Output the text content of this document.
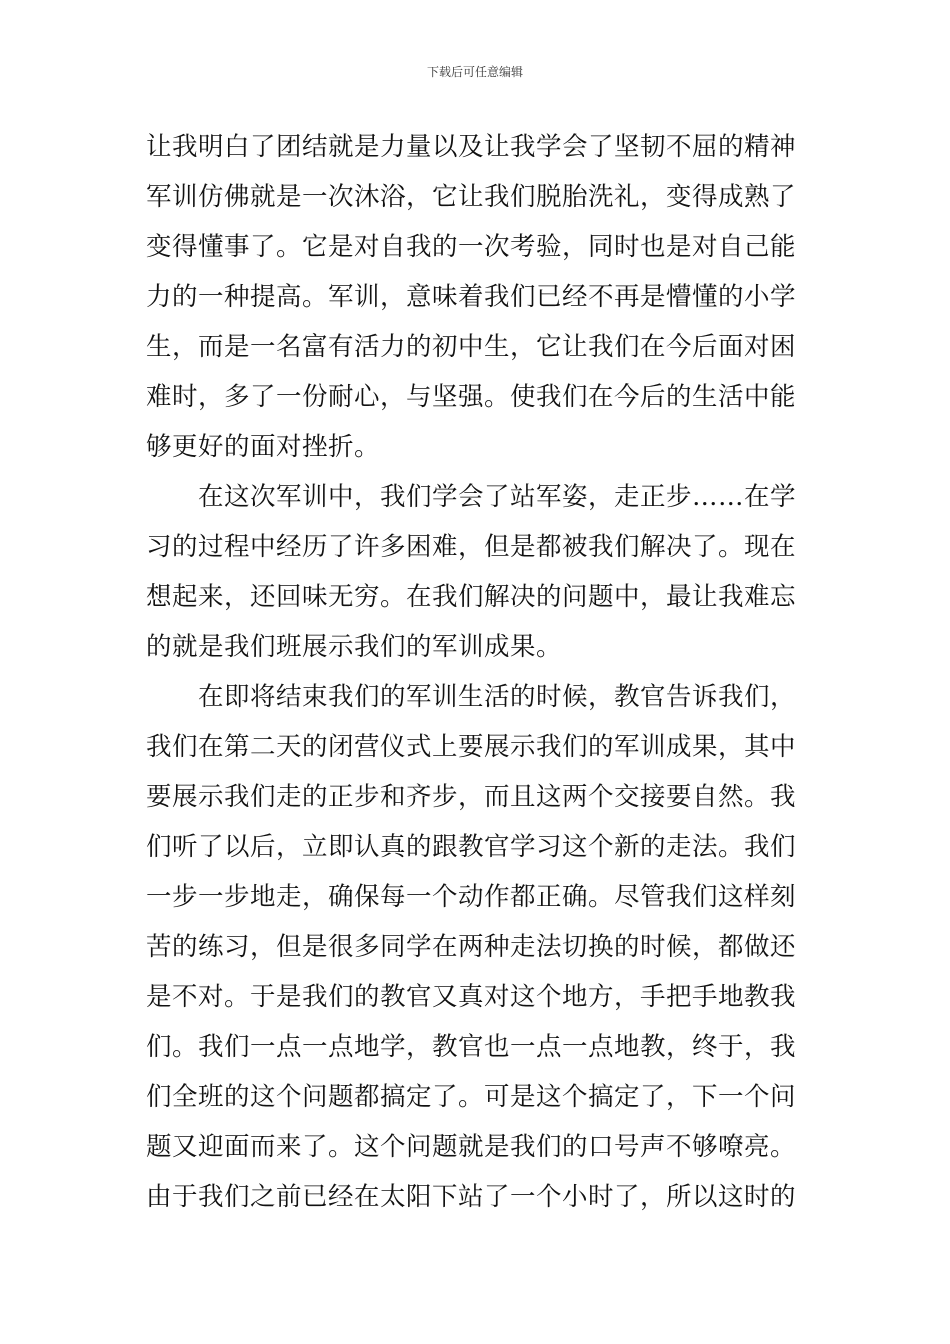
下载后可任意编辑
让我明白了团结就是力量以及让我学会了坚韧不屈的精神
军训仿佛就是一次沐浴，它让我们脱胎洗礼，变得成熟了
变得懂事了。它是对自我的一次考验，同时也是对自己能
力的一种提高。军训，意味着我们已经不再是懵懂的小学
生，而是一名富有活力的初中生，它让我们在今后面对困
难时，多了一份耐心，与坚强。使我们在今后的生活中能
够更好的面对挫折。
　　在这次军训中，我们学会了站军姿，走正步……在学
习的过程中经历了许多困难，但是都被我们解决了。现在
想起来，还回味无穷。在我们解决的问题中，最让我难忘
的就是我们班展示我们的军训成果。
　　在即将结束我们的军训生活的时候，教官告诉我们，
我们在第二天的闭营仪式上要展示我们的军训成果，其中
要展示我们走的正步和齐步，而且这两个交接要自然。我
们听了以后，立即认真的跟教官学习这个新的走法。我们
一步一步地走，确保每一个动作都正确。尽管我们这样刻
苦的练习，但是很多同学在两种走法切换的时候，都做还
是不对。于是我们的教官又真对这个地方，手把手地教我
们。我们一点一点地学，教官也一点一点地教，终于，我
们全班的这个问题都搞定了。可是这个搞定了，下一个问
题又迎面而来了。这个问题就是我们的口号声不够嘹亮。
由于我们之前已经在太阳下站了一个小时了，所以这时的
